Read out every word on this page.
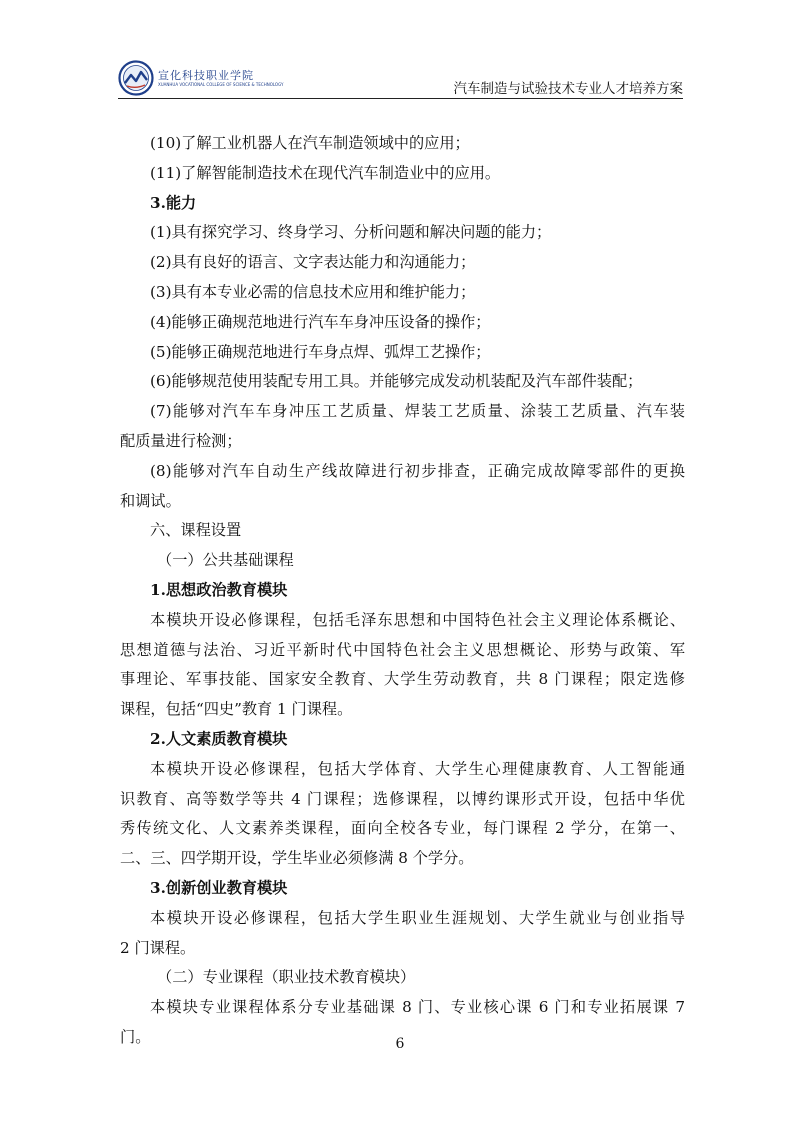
宣化科技职业学院
XUANHUA VOCATIONAL COLLEGE OF SCIENCE & TECHNOLOGY	汽车制造与试验技术专业人才培养方案
(10)了解工业机器人在汽车制造领域中的应用；
(11)了解智能制造技术在现代汽车制造业中的应用。
3.能力
(1)具有探究学习、终身学习、分析问题和解决问题的能力；
(2)具有良好的语言、文字表达能力和沟通能力；
(3)具有本专业必需的信息技术应用和维护能力；
(4)能够正确规范地进行汽车车身冲压设备的操作；
(5)能够正确规范地进行车身点焊、弧焊工艺操作；
(6)能够规范使用装配专用工具。并能够完成发动机装配及汽车部件装配；
(7)能够对汽车车身冲压工艺质量、焊装工艺质量、涂装工艺质量、汽车装
配质量进行检测；
(8)能够对汽车自动生产线故障进行初步排查，正确完成故障零部件的更换
和调试。
六、课程设置
（一）公共基础课程
1.思想政治教育模块
本模块开设必修课程，包括毛泽东思想和中国特色社会主义理论体系概论、
思想道德与法治、习近平新时代中国特色社会主义思想概论、形势与政策、军
事理论、军事技能、国家安全教育、大学生劳动教育，共 8 门课程；限定选修
课程，包括“四史”教育 1 门课程。
2.人文素质教育模块
本模块开设必修课程，包括大学体育、大学生心理健康教育、人工智能通
识教育、高等数学等共 4 门课程；选修课程，以博约课形式开设，包括中华优
秀传统文化、人文素养类课程，面向全校各专业，每门课程 2 学分，在第一、
二、三、四学期开设，学生毕业必须修满 8 个学分。
3.创新创业教育模块
本模块开设必修课程，包括大学生职业生涯规划、大学生就业与创业指导
2 门课程。
（二）专业课程（职业技术教育模块）
本模块专业课程体系分专业基础课 8 门、专业核心课 6 门和专业拓展课 7
门。	6
